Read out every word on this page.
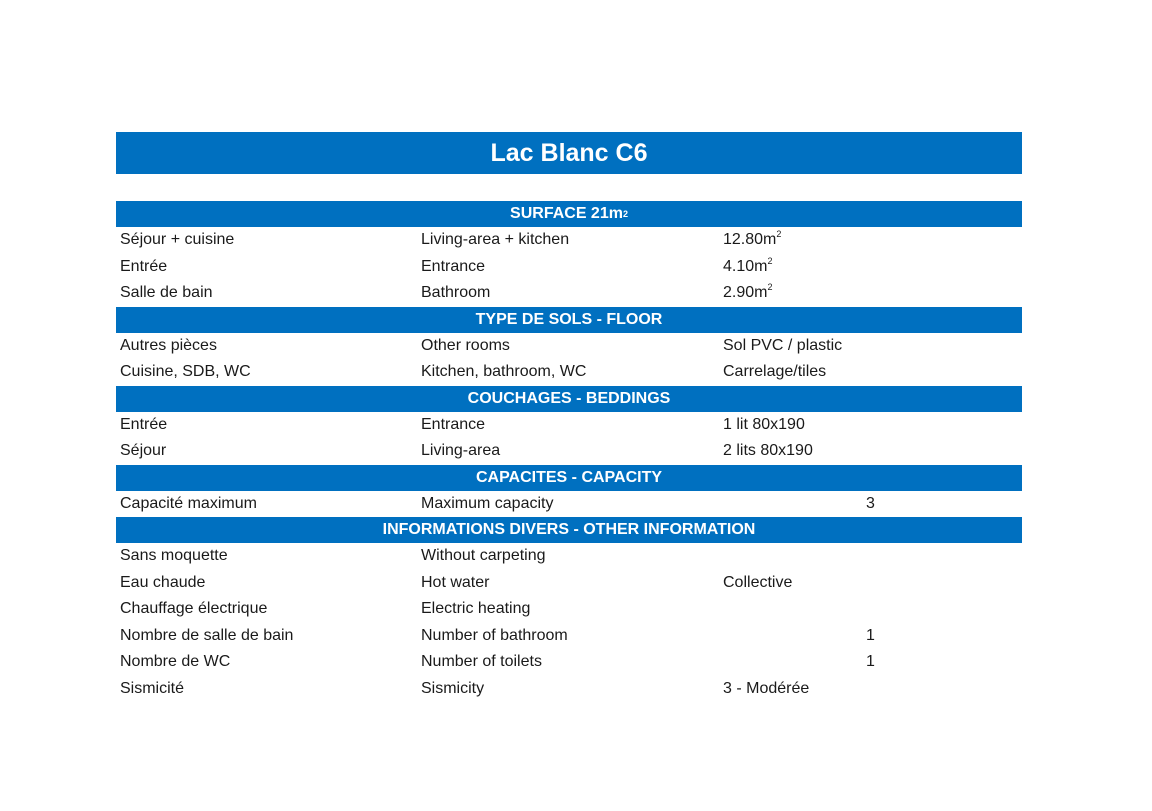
Lac Blanc C6
SURFACE 21m 2
Séjour + cuisine	Living-area + kitchen	$12.80m^2$
Entrée	Entrance	$4.10m^2$
Salle de bain	Bathroom	$2.90m^2$
TYPE DE SOLS - FLOOR
Autres pièces	Other rooms	Sol PVC / plastic
Cuisine, SDB, WC	Kitchen, bathroom, WC	Carrelage/tiles
COUCHAGES - BEDDINGS
Entrée	Entrance	1 lit 80x190
Séjour	Living-area	2 lits 80x190
CAPACITES - CAPACITY
Capacité maximum	Maximum capacity	3
INFORMATIONS DIVERS - OTHER INFORMATION
Sans moquette	Without carpeting
Eau chaude	Hot water	Collective
Chauffage électrique	Electric heating
Nombre de salle de bain	Number of bathroom	1
Nombre de WC	Number of toilets	1
Sismicité	Sismicity	3 - Modérée
